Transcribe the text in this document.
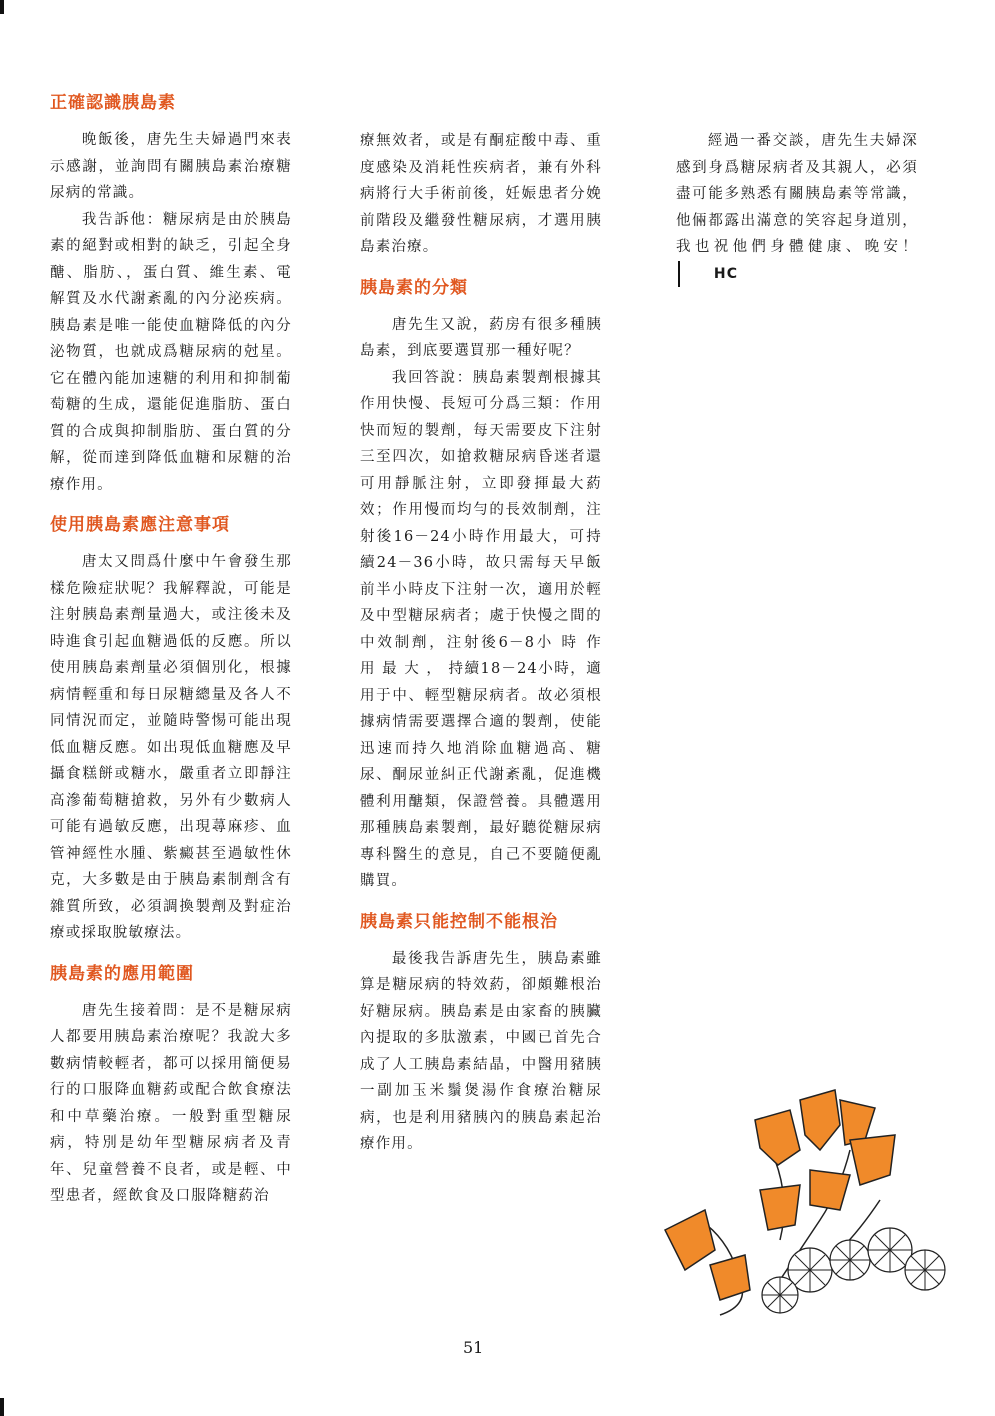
正確認識胰島素

晚飯後，唐先生夫婦過門來表示感謝，並詢問有關胰島素治療糖尿病的常識。

我告訴他：糖尿病是由於胰島素的絕對或相對的缺乏，引起全身醣、脂肪、，蛋白質、維生素、電解質及水代謝紊亂的內分泌疾病。胰島素是唯一能使血糖降低的內分泌物質，也就成爲糖尿病的尅星。它在體內能加速糖的利用和抑制葡萄糖的生成，還能促進脂肪、蛋白質的合成與抑制脂肪、蛋白質的分解，從而達到降低血糖和尿糖的治療作用。

使用胰島素應注意事項

唐太又問爲什麼中午會發生那樣危險症狀呢？我解釋說，可能是注射胰島素劑量過大，或注後未及時進食引起血糖過低的反應。所以使用胰島素劑量必須個別化，根據病情輕重和每日尿糖總量及各人不同情況而定，並隨時警惕可能出現低血糖反應。如出現低血糖應及早攝食糕餅或糖水，嚴重者立即靜注高滲葡萄糖搶救，另外有少數病人可能有過敏反應，出現蕁麻疹、血管神經性水腫、紫癜甚至過敏性休克，大多數是由于胰島素制劑含有雜質所致，必須調換製劑及對症治療或採取脫敏療法。

胰島素的應用範圍

唐先生接着問：是不是糖尿病人都要用胰島素治療呢？我說大多數病情較輕者，都可以採用簡便易行的口服降血糖葯或配合飲食療法和中草藥治療。一般對重型糖尿病，特別是幼年型糖尿病者及青年、兒童營養不良者，或是輕、中型患者，經飲食及口服降糖葯治

療無效者，或是有酮症酸中毒、重度感染及消耗性疾病者，兼有外科病將行大手術前後，妊娠患者分娩前階段及繼發性糖尿病，才選用胰島素治療。

胰島素的分類

唐先生又說，葯房有很多種胰島素，到底要選買那一種好呢？

我回答說：胰島素製劑根據其作用快慢、長短可分爲三類：作用快而短的製劑，每天需要皮下注射三至四次，如搶救糖尿病昏迷者還可用靜脈注射，立即發揮最大葯效；作用慢而均勻的長效制劑，注射後16－24小時作用最大，可持續24－36小時，故只需每天早飯前半小時皮下注射一次，適用於輕及中型糖尿病者；處于快慢之間的中效制劑，注射後6－8小 時 作 用 最 大 ， 持續18－24小時，適用于中、輕型糖尿病者。故必須根據病情需要選擇合適的製劑，使能迅速而持久地消除血糖過高、糖尿、酮尿並糾正代謝紊亂，促進機體利用醣類，保證營養。具體選用那種胰島素製劑，最好聽從糖尿病專科醫生的意見，自己不要隨便亂購買。

胰島素只能控制不能根治

最後我告訴唐先生，胰島素雖算是糖尿病的特效葯，卻頗難根治好糖尿病。胰島素是由家畜的胰臟內提取的多肽激素，中國已首先合成了人工胰島素結晶，中醫用豬胰一副加玉米鬚煲湯作食療治糖尿病，也是利用豬胰內的胰島素起治療作用。

經過一番交談，唐先生夫婦深感到身爲糖尿病者及其親人，必須盡可能多熟悉有關胰島素等常識，他倆都露出滿意的笑容起身道別，我也祝他們身體健康、晚安！HC

51
